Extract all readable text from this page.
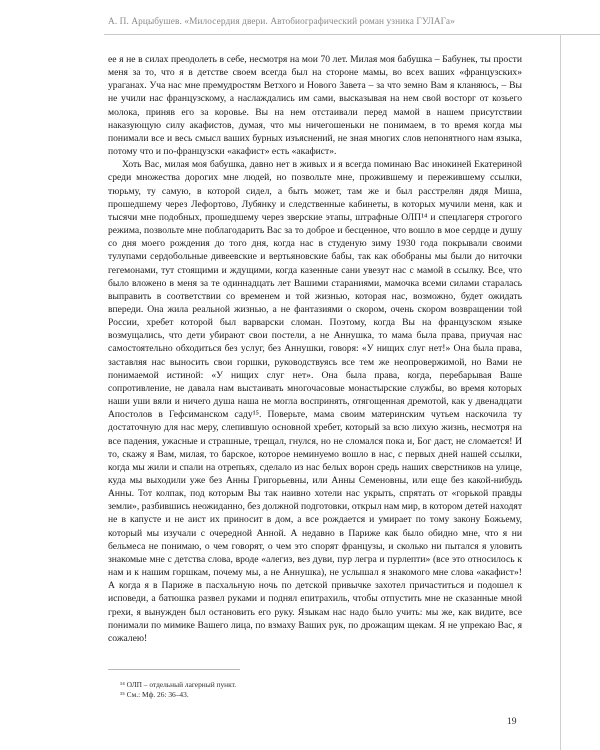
А. П. Арцыбушев. «Милосердия двери. Автобиографический роман узника ГУЛАГа»

ее я не в силах преодолеть в себе, несмотря на мои 70 лет. Милая моя бабушка – Бабунек, ты прости меня за то, что я в детстве своем всегда был на стороне мамы, во всех ваших «французских» ураганах. Уча нас мне премудростям Ветхого и Нового Завета – за что земно Вам я кланяюсь, – Вы не учили нас французскому, а наслаждались им сами, высказывая на нем свой восторг от козьего молока, приняв его за коровье. Вы на нем отстаивали перед мамой в нашем присутствии наказующую силу акафистов, думая, что мы ничегошеньки не понимаем, в то время когда мы понимали все и весь смысл ваших бурных изъяснений, не зная многих слов непонятного нам языка, потому что и по-французски «акафист» есть «акафист».

Хоть Вас, милая моя бабушка, давно нет в живых и я всегда поминаю Вас инокиней Екатериной среди множества дорогих мне людей, но позвольте мне, прожившему и пережившему ссылки, тюрьму, ту самую, в которой сидел, а быть может, там же и был расстрелян дядя Миша, прошедшему через Лефортово, Лубянку и следственные кабинеты, в которых мучили меня, как и тысячи мне подобных, прошедшему через зверские этапы, штрафные ОЛП¹⁴ и спецлагеря строгого режима, позвольте мне поблагодарить Вас за то доброе и бесценное, что вошло в мое сердце и душу со дня моего рождения до того дня, когда нас в студеную зиму 1930 года покрывали своими тулупами сердобольные дивеевские и вертьяновские бабы, так как обобраны мы были до ниточки гегемонами, тут стоящими и ждущими, когда казенные сани увезут нас с мамой в ссылку. Все, что было вложено в меня за те одиннадцать лет Вашими стараниями, мамочка всеми силами старалась выправить в соответствии со временем и той жизнью, которая нас, возможно, будет ожидать впереди. Она жила реальной жизнью, а не фантазиями о скором, очень скором возвращении той России, хребет которой был варварски сломан. Поэтому, когда Вы на французском языке возмущались, что дети убирают свои постели, а не Аннушка, то мама была права, приучая нас самостоятельно обходиться без услуг, без Аннушки, говоря: «У нищих слуг нет!» Она была права, заставляя нас выносить свои горшки, руководствуясь все тем же неопровержимой, но Вами не понимаемой истиной: «У нищих слуг нет». Она была права, когда, перебарывая Ваше сопротивление, не давала нам выстаивать многочасовые монастырские службы, во время которых наши уши вяли и ничего душа наша не могла воспринять, отягощенная дремотой, как у двенадцати Апостолов в Гефсиманском саду¹⁵. Поверьте, мама своим материнским чутьем наскочила ту достаточную для нас меру, слепившую основной хребет, который за всю лихую жизнь, несмотря на все падения, ужасные и страшные, трещал, гнулся, но не сломался пока и, Бог даст, не сломается! И то, скажу я Вам, милая, то барское, которое неминуемо вошло в нас, с первых дней нашей ссылки, когда мы жили и спали на отрепьях, сделало из нас белых ворон средь наших сверстников на улице, куда мы выходили уже без Анны Григорьевны, или Анны Семеновны, или еще без какой-нибудь Анны. Тот колпак, под которым Вы так наивно хотели нас укрыть, спрятать от «горькой правды земли», разбившись неожиданно, без должной подготовки, открыл нам мир, в котором детей находят не в капусте и не аист их приносит в дом, а все рождается и умирает по тому закону Божьему, который мы изучали с очередной Анной. А недавно в Париже как было обидно мне, что я ни бельмеса не понимаю, о чем говорят, о чем это спорят французы, и сколько ни пытался я уловить знакомые мне с детства слова, вроде «алегиз, вез дуви, пур легра и пурлепти» (все это относилось к нам и к нашим горшкам, почему мы, а не Аннушка), не услышал я знакомого мне слова «акафист»! А когда я в Париже в пасхальную ночь по детской привычке захотел причаститься и подошел к исповеди, а батюшка развел руками и поднял епитрахиль, чтобы отпустить мне не сказанные мной грехи, я вынужден был остановить его руку. Языкам нас надо было учить: мы же, как видите, все понимали по мимике Вашего лица, по взмаху Ваших рук, по дрожащим щекам. Я не упрекаю Вас, я сожалею!

¹⁴ ОЛП – отдельный лагерный пункт.
¹⁵ См.: Мф. 26: 36–43.
19
